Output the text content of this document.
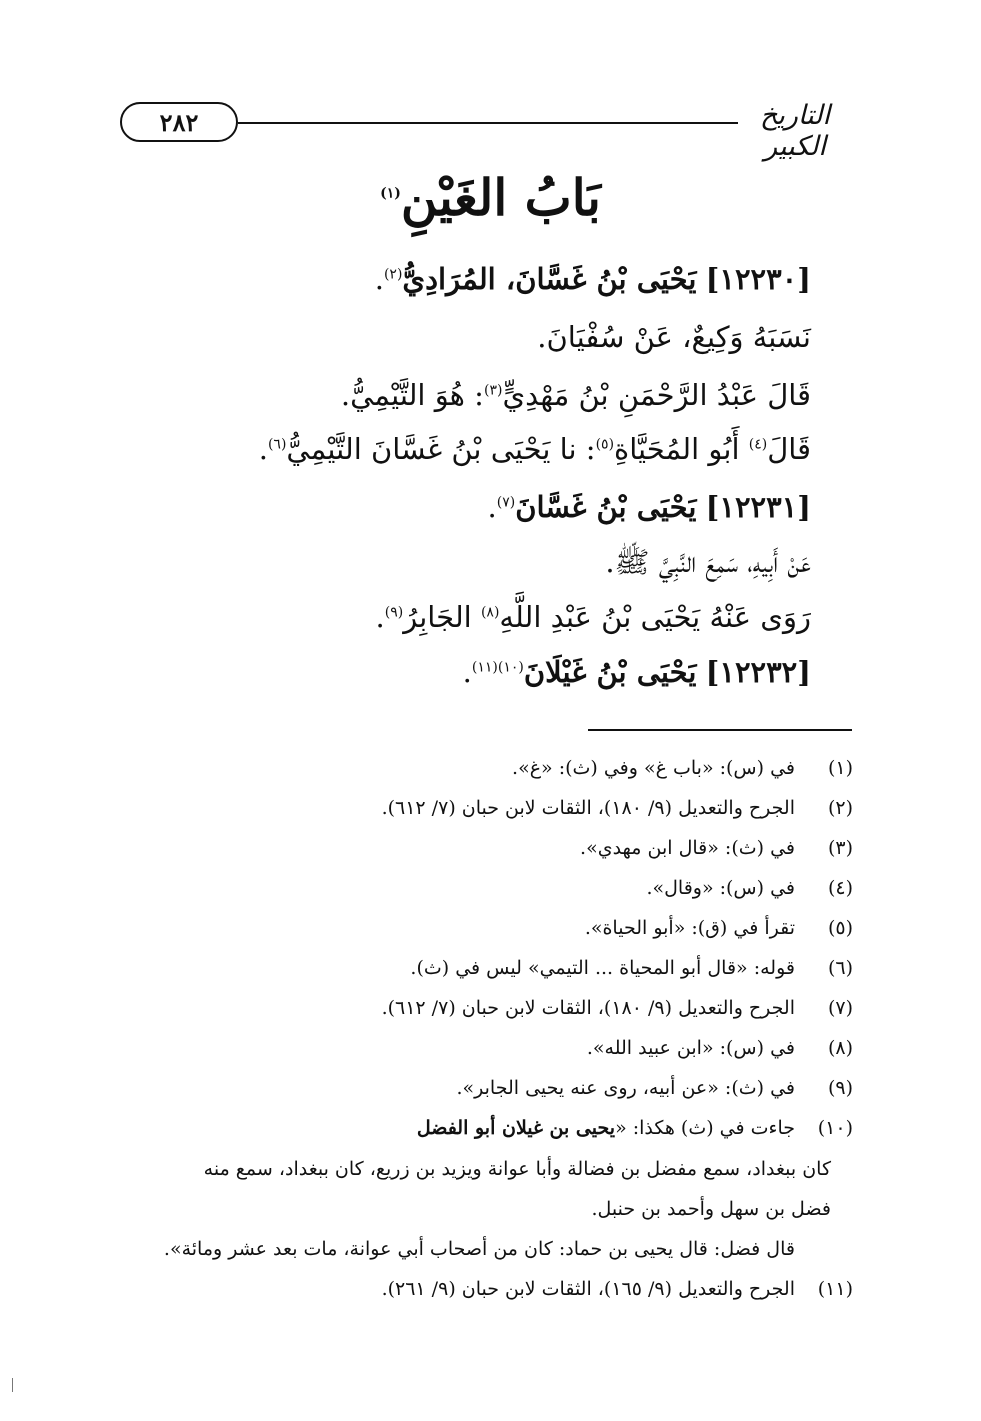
٢٨٢	التاريخ الكبير
بَابُ الغَيْنِ$^{(١)}$
[١٢٢٣٠] يَحْيَى بْنُ غَسَّانَ، المُرَادِيُّ$^{(٢)}$.
نَسَبَهُ وَكِيعٌ، عَنْ سُفْيَانَ.
قَالَ عَبْدُ الرَّحْمَنِ بْنُ مَهْدِيٍّ$^{(٣)}$: هُوَ التَّيْمِيُّ.
قَالَ$^{(٤)}$ أَبُو المُحَيَّاةِ$^{(٥)}$: نا يَحْيَى بْنُ غَسَّانَ التَّيْمِيُّ$^{(٦)}$.
[١٢٢٣١] يَحْيَى بْنُ غَسَّانَ$^{(٧)}$.
عَنْ أَبِيهِ، سَمِعَ النَّبِيَّ ﷺ.
رَوَى عَنْهُ يَحْيَى بْنُ عَبْدِ اللَّهِ$^{(٨)}$ الجَابِرُ$^{(٩)}$.
[١٢٢٣٢] يَحْيَى بْنُ غَيْلَانَ$^{(١٠)(١١)}$.
(١)في (س): «باب غ» وفي (ث): «غ».
(٢)الجرح والتعديل (٩/ ١٨٠)، الثقات لابن حبان (٧/ ٦١٢).
(٣)في (ث): «قال ابن مهدي».
(٤)في (س): «وقال».
(٥)تقرأ في (ق): «أبو الحياة».
(٦)قوله: «قال أبو المحياة ... التيمي» ليس في (ث).
(٧)الجرح والتعديل (٩/ ١٨٠)، الثقات لابن حبان (٧/ ٦١٢).
(٨)في (س): «ابن عبيد الله».
(٩)في (ث): «عن أبيه، روى عنه يحيى الجابر».
(١٠)جاءت في (ث) هكذا: «يحيى بن غيلان أبو الفضل
كان ببغداد، سمع مفضل بن فضالة وأبا عوانة ويزيد بن زريع، كان ببغداد، سمع منه
فضل بن سهل وأحمد بن حنبل.
قال فضل: قال يحيى بن حماد: كان من أصحاب أبي عوانة، مات بعد عشر ومائة».
(١١)الجرح والتعديل (٩/ ١٦٥)، الثقات لابن حبان (٩/ ٢٦١).
